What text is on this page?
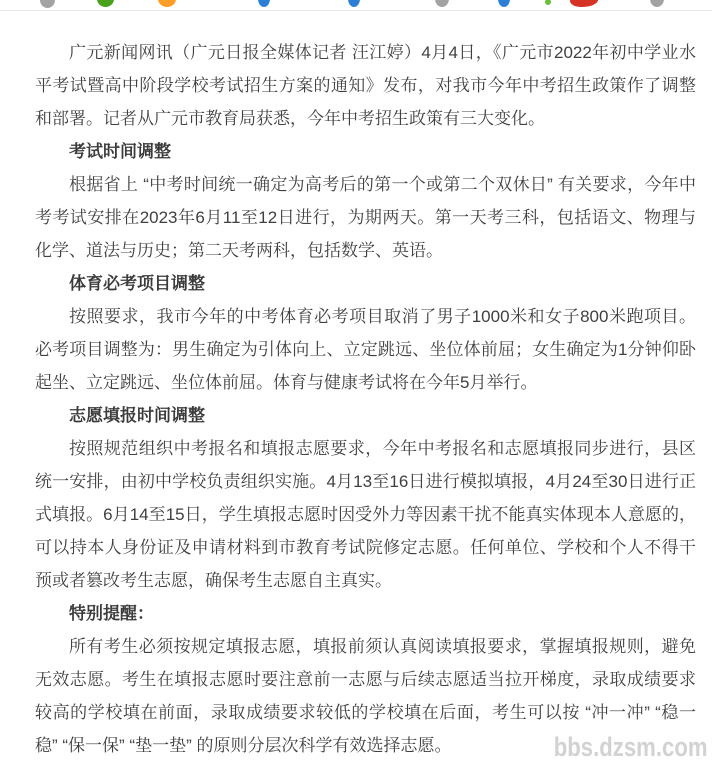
广元新闻网讯（广元日报全媒体记者 汪江婷）4月4日，《广元市2022年初中学业水平考试暨高中阶段学校考试招生方案的通知》发布，对我市今年中考招生政策作了调整和部署。记者从广元市教育局获悉，今年中考招生政策有三大变化。

考试时间调整

根据省上 “中考时间统一确定为高考后的第一个或第二个双休日” 有关要求，今年中考考试安排在2023年6月11至12日进行，为期两天。第一天考三科，包括语文、物理与化学、道法与历史；第二天考两科，包括数学、英语。

体育必考项目调整

按照要求，我市今年的中考体育必考项目取消了男子1000米和女子800米跑项目。必考项目调整为：男生确定为引体向上、立定跳远、坐位体前屈；女生确定为1分钟仰卧起坐、立定跳远、坐位体前屈。体育与健康考试将在今年5月举行。

志愿填报时间调整

按照规范组织中考报名和填报志愿要求，今年中考报名和志愿填报同步进行，县区统一安排，由初中学校负责组织实施。4月13至16日进行模拟填报，4月24至30日进行正式填报。6月14至15日，学生填报志愿时因受外力等因素干扰不能真实体现本人意愿的，可以持本人身份证及申请材料到市教育考试院修定志愿。任何单位、学校和个人不得干预或者篡改考生志愿，确保考生志愿自主真实。

特别提醒：

所有考生必须按规定填报志愿，填报前须认真阅读填报要求，掌握填报规则，避免无效志愿。考生在填报志愿时要注意前一志愿与后续志愿适当拉开梯度，录取成绩要求较高的学校填在前面，录取成绩要求较低的学校填在后面，考生可以按 “冲一冲” “稳一稳” “保一保” “垫一垫” 的原则分层次科学有效选择志愿。	bbs.dzsm.com
